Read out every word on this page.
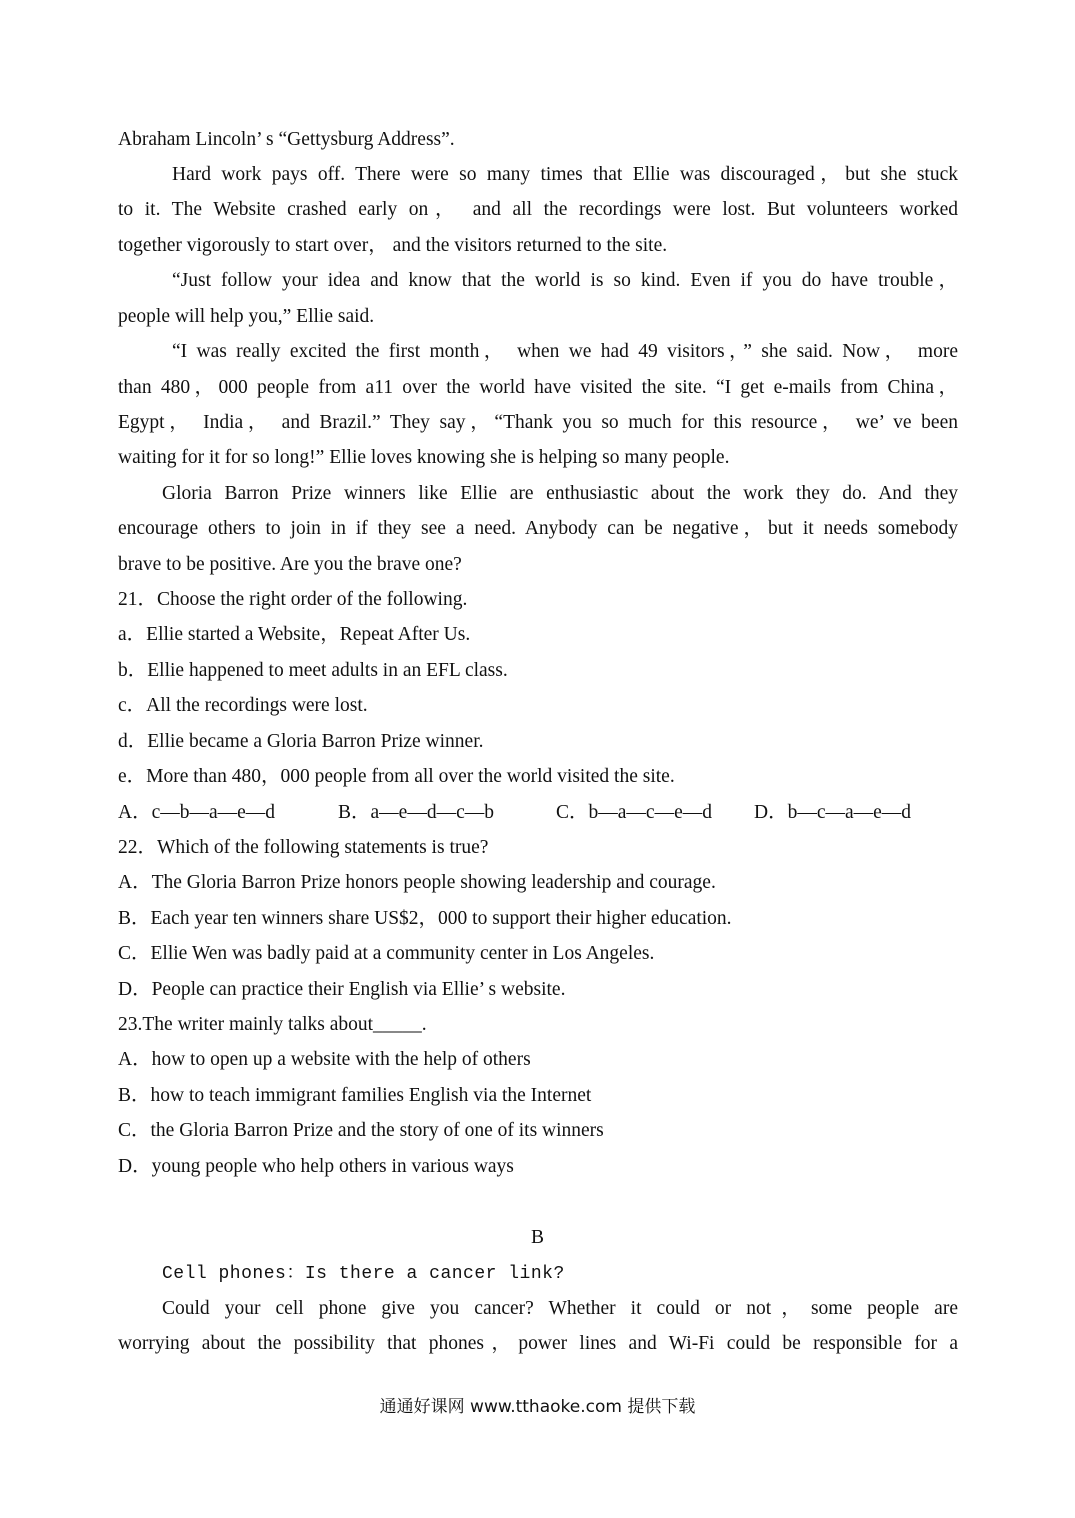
Abraham Lincoln’ s “Gettysburg Address”.
Hard work pays off. There were so many times that Ellie was discouraged，but she stuck
to it. The Website crashed early on， and all the recordings were lost. But volunteers worked
together vigorously to start over， and the visitors returned to the site.
“Just follow your idea and know that the world is so kind. Even if you do have trouble，
people will help you,” Ellie said.
“I was really excited the first month， when we had 49 visitors，” she said. Now， more
than 480，000 people from a11 over the world have visited the site. “I get e-mails from China，
Egypt， India， and Brazil.” They say，“Thank you so much for this resource， we’ ve been
waiting for it for so long!” Ellie loves knowing she is helping so many people.
Gloria Barron Prize winners like Ellie are enthusiastic about the work they do. And they
encourage others to join in if they see a need. Anybody can be negative，but it needs somebody
brave to be positive. Are you the brave one?
21．Choose the right order of the following.
a．Ellie started a Website，Repeat After Us.
b．Ellie happened to meet adults in an EFL class.
c．All the recordings were lost.
d．Ellie became a Gloria Barron Prize winner.
e．More than 480，000 people from all over the world visited the site.
A．c—b—a—e—d	B．a—e—d—c—b	C．b—a—c—e—d D．b—c—a—e—d
22．Which of the following statements is true?
A．The Gloria Barron Prize honors people showing leadership and courage.
B．Each year ten winners share US$2，000 to support their higher education.
C．Ellie Wen was badly paid at a community center in Los Angeles.
D．People can practice their English via Ellie’ s website.
23.The writer mainly talks about_____.
A．how to open up a website with the help of others
B．how to teach immigrant families English via the Internet
C．the Gloria Barron Prize and the story of one of its winners
D．young people who help others in various ways
B
Cell phones：Is there a cancer link?
Could your cell phone give you cancer? Whether it could or not，some people are
worrying about the possibility that phones，power lines and Wi-Fi could be responsible for a
通通好课网 www.tthaoke.com 提供下载
